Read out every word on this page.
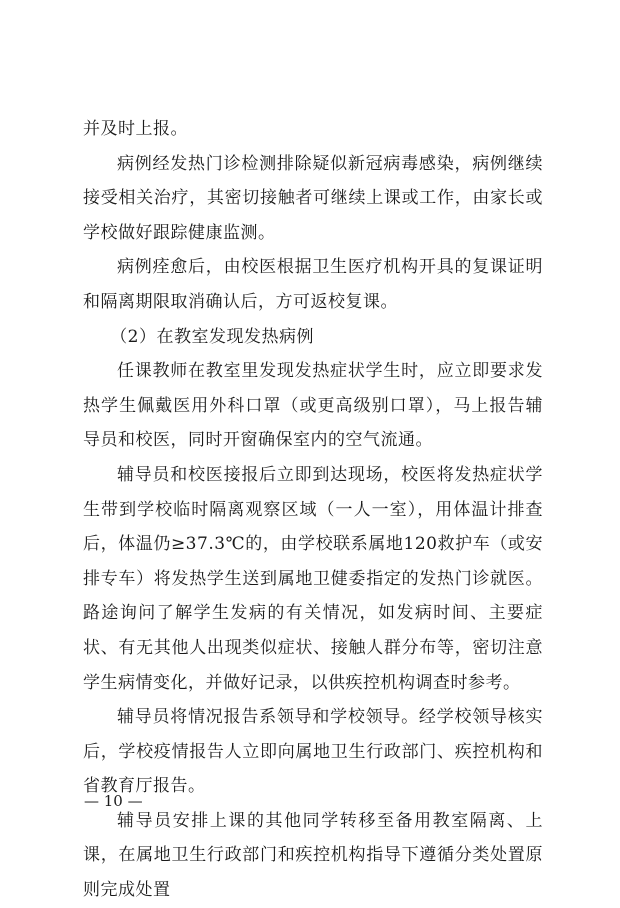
并及时上报。

病例经发热门诊检测排除疑似新冠病毒感染，病例继续接受相关治疗，其密切接触者可继续上课或工作，由家长或学校做好跟踪健康监测。

病例痊愈后，由校医根据卫生医疗机构开具的复课证明和隔离期限取消确认后，方可返校复课。

（2）在教室发现发热病例

任课教师在教室里发现发热症状学生时，应立即要求发热学生佩戴医用外科口罩（或更高级别口罩），马上报告辅导员和校医，同时开窗确保室内的空气流通。

辅导员和校医接报后立即到达现场，校医将发热症状学生带到学校临时隔离观察区域（一人一室），用体温计排查后，体温仍≥37.3℃的，由学校联系属地120救护车（或安排专车）将发热学生送到属地卫健委指定的发热门诊就医。路途询问了解学生发病的有关情况，如发病时间、主要症状、有无其他人出现类似症状、接触人群分布等，密切注意学生病情变化，并做好记录，以供疾控机构调查时参考。

辅导员将情况报告系领导和学校领导。经学校领导核实后，学校疫情报告人立即向属地卫生行政部门、疾控机构和省教育厅报告。

辅导员安排上课的其他同学转移至备用教室隔离、上课，在属地卫生行政部门和疾控机构指导下遵循分类处置原则完成处置

— 10 —
